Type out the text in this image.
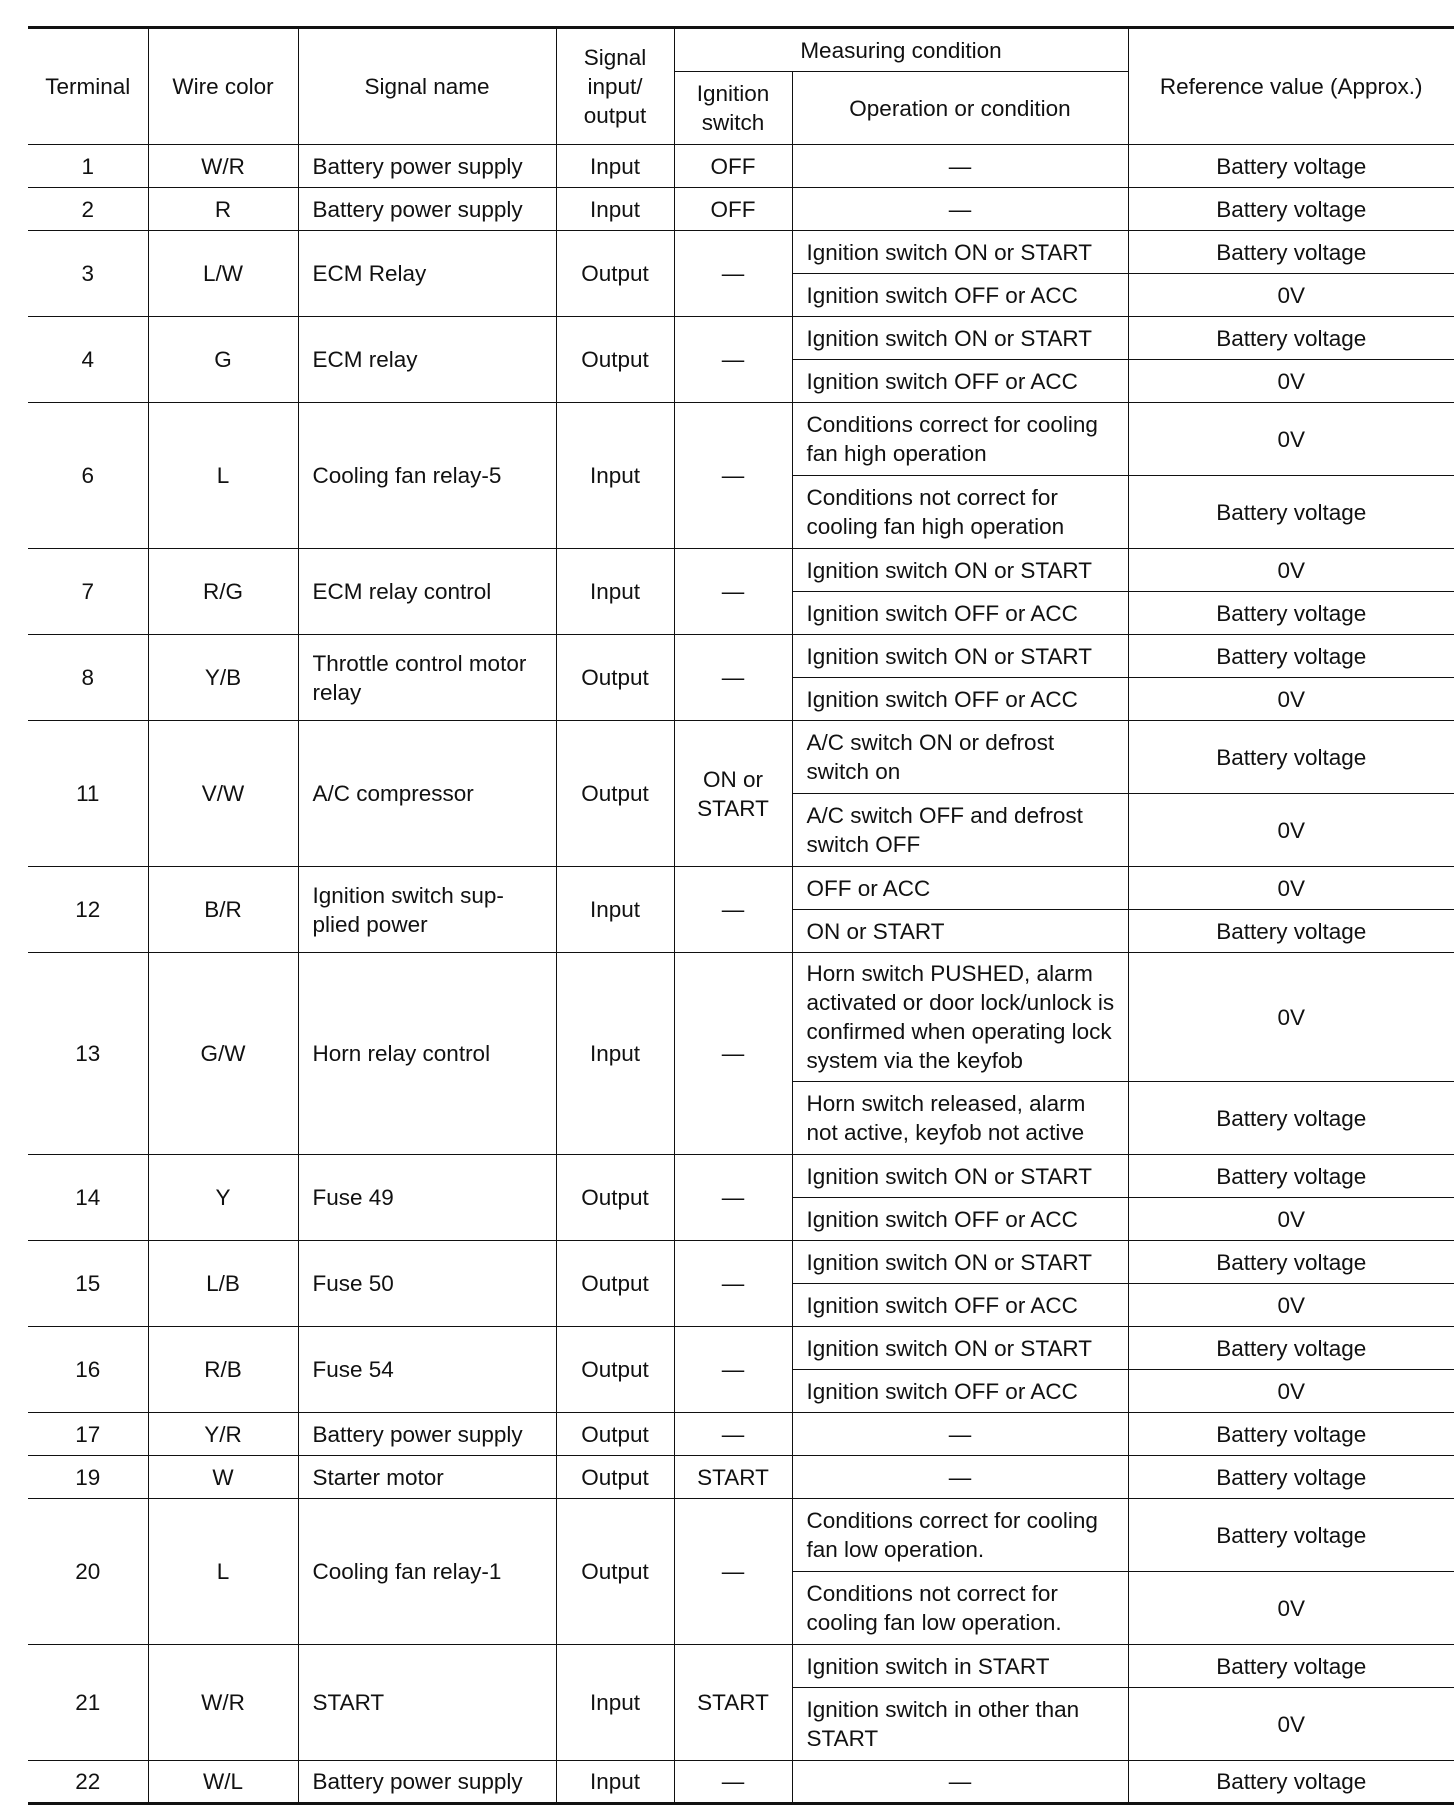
Terminal	Wire color	Signal name	Signal input/ output	Measuring condition		Reference value (Approx.)
				Ignition switch	Operation or condition	
1	W/R	Battery power supply	Input	OFF	—	Battery voltage
2	R	Battery power supply	Input	OFF	—	Battery voltage
3	L/W	ECM Relay	Output	—	Ignition switch ON or START	Battery voltage
					Ignition switch OFF or ACC	0V
4	G	ECM relay	Output	—	Ignition switch ON or START	Battery voltage
					Ignition switch OFF or ACC	0V
6	L	Cooling fan relay-5	Input	—	Conditions correct for cooling fan high operation	0V
					Conditions not correct for cooling fan high operation	Battery voltage
7	R/G	ECM relay control	Input	—	Ignition switch ON or START	0V
					Ignition switch OFF or ACC	Battery voltage
8	Y/B	Throttle control motor relay	Output	—	Ignition switch ON or START	Battery voltage
					Ignition switch OFF or ACC	0V
11	V/W	A/C compressor	Output	ON or START	A/C switch ON or defrost switch on	Battery voltage
					A/C switch OFF and defrost switch OFF	0V
12	B/R	Ignition switch sup-plied power	Input	—	OFF or ACC	0V
					ON or START	Battery voltage
13	G/W	Horn relay control	Input	—	Horn switch PUSHED, alarm activated or door lock/unlock is confirmed when operating lock system via the keyfob	0V
					Horn switch released, alarm not active, keyfob not active	Battery voltage
14	Y	Fuse 49	Output	—	Ignition switch ON or START	Battery voltage
					Ignition switch OFF or ACC	0V
15	L/B	Fuse 50	Output	—	Ignition switch ON or START	Battery voltage
					Ignition switch OFF or ACC	0V
16	R/B	Fuse 54	Output	—	Ignition switch ON or START	Battery voltage
					Ignition switch OFF or ACC	0V
17	Y/R	Battery power supply	Output	—	—	Battery voltage
19	W	Starter motor	Output	START	—	Battery voltage
20	L	Cooling fan relay-1	Output	—	Conditions correct for cooling fan low operation.	Battery voltage
					Conditions not correct for cooling fan low operation.	0V
21	W/R	START	Input	START	Ignition switch in START	Battery voltage
					Ignition switch in other than START	0V
22	W/L	Battery power supply	Input	—	—	Battery voltage
